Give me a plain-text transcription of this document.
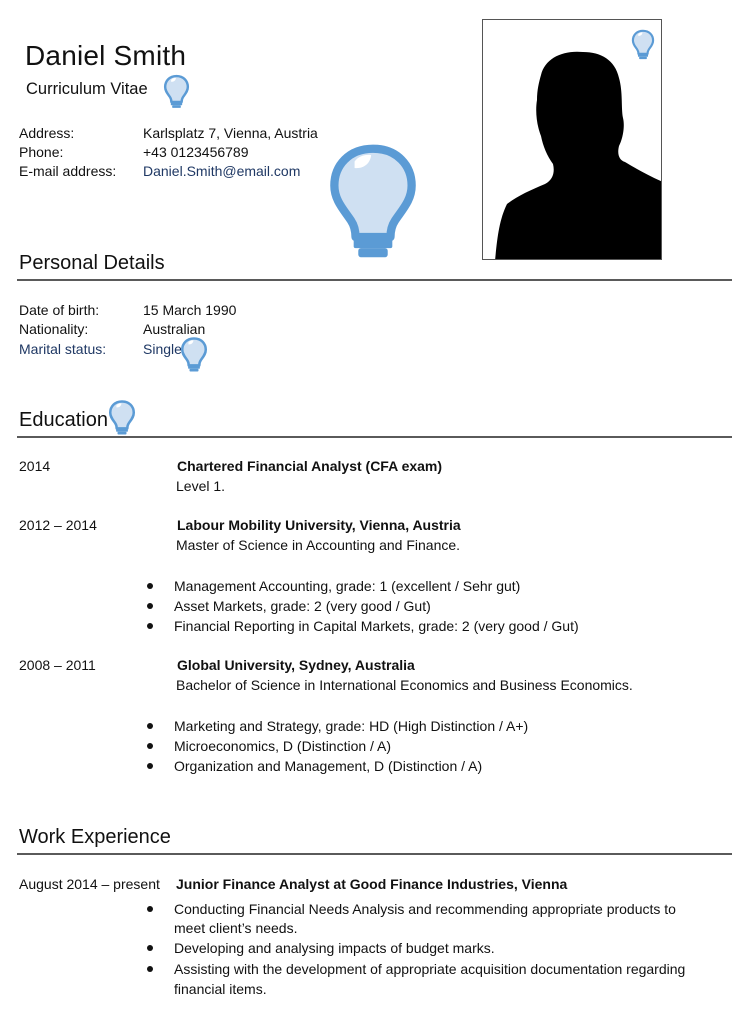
Daniel Smith
Curriculum Vitae
Address:	Karlsplatz 7, Vienna, Austria
Phone:	+43 0123456789
E-mail address: Daniel.Smith@email.com
Personal Details
Date of birth:	15 March 1990
Nationality:	Australian
Marital status:	Single
Education
2014	Chartered Financial Analyst (CFA exam)
Level 1.
2012 – 2014	Labour Mobility University, Vienna, Austria
Master of Science in Accounting and Finance.
Management Accounting, grade: 1 (excellent / Sehr gut)
Asset Markets, grade: 2 (very good / Gut)
Financial Reporting in Capital Markets, grade: 2 (very good / Gut)
2008 – 2011	Global University, Sydney, Australia
Bachelor of Science in International Economics and Business Economics.
Marketing and Strategy, grade: HD (High Distinction / A+)
Microeconomics, D (Distinction / A)
Organization and Management, D (Distinction / A)
Work Experience
August 2014 – present Junior Finance Analyst at Good Finance Industries, Vienna
Conducting Financial Needs Analysis and recommending appropriate products to
meet client’s needs.
Developing and analysing impacts of budget marks.
Assisting with the development of appropriate acquisition documentation regarding
financial items.
